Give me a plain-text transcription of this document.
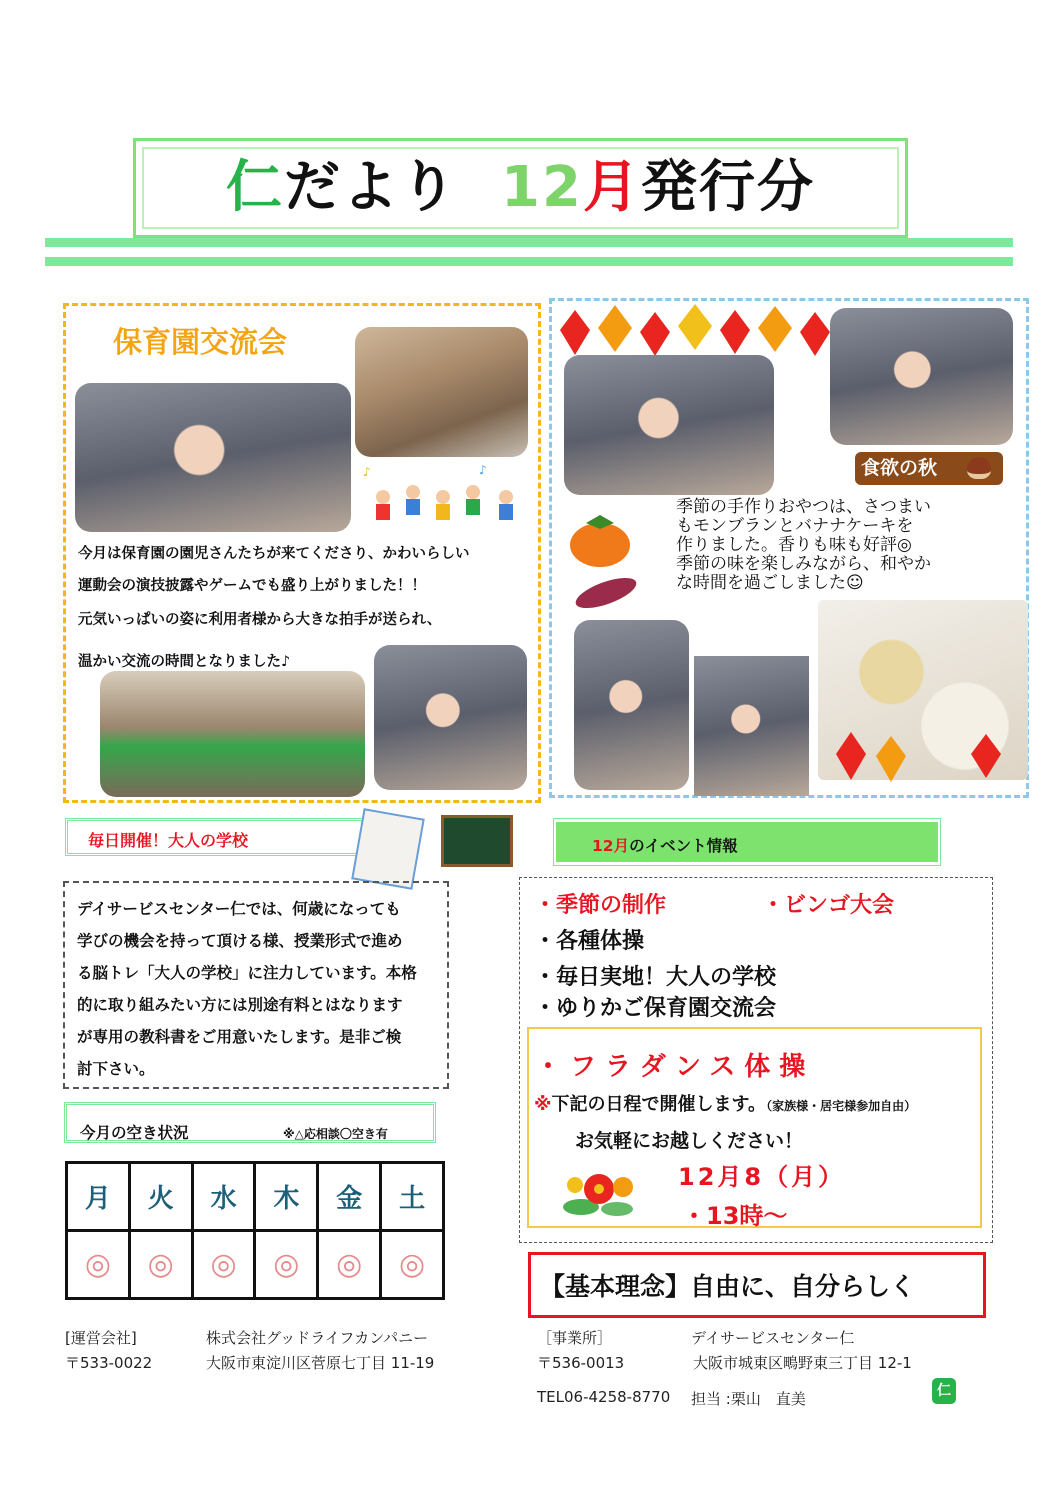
仁だより 12月発行分
保育園交流会
♪	♪
今月は保育園の園児さんたちが来てくださり、かわいらしい
運動会の演技披露やゲームでも盛り上がりました！！
元気いっぱいの姿に利用者様から大きな拍手が送られ、
温かい交流の時間となりました♪
食欲の秋
季節の手作りおやつは、さつまい
もモンブランとバナナケーキを
作りました。香りも味も好評◎
季節の味を楽しみながら、和やか
な時間を過ごしました☺
毎日開催！大人の学校
デイサービスセンター仁では、何歳になっても
学びの機会を持って頂ける様、授業形式で進め
る脳トレ「大人の学校」に注力しています。本格
的に取り組みたい方には別途有料とはなります
が専用の教科書をご用意いたします。是非ご検
討下さい。
今月の空き状況	※△応相談〇空き有
月	火	水	木	金	土
◎	◎	◎	◎	◎	◎
12月のイベント情報
・季節の制作	・ビンゴ大会
・各種体操
・毎日実地！大人の学校
・ゆりかご保育園交流会
・フラダンス体操
※下記の日程で開催します。（家族様・居宅様参加自由）
お気軽にお越しください！
12月8（月）
・13時～
【基本理念】自由に、自分らしく
[運営会社]	株式会社グッドライフカンパニー
〒533-0022	大阪市東淀川区菅原七丁目 11-19
［事業所］	デイサービスセンター仁
〒536-0013	大阪市城東区鴫野東三丁目 12-1
TEL06-4258-8770 担当 :栗山　直美	仁
